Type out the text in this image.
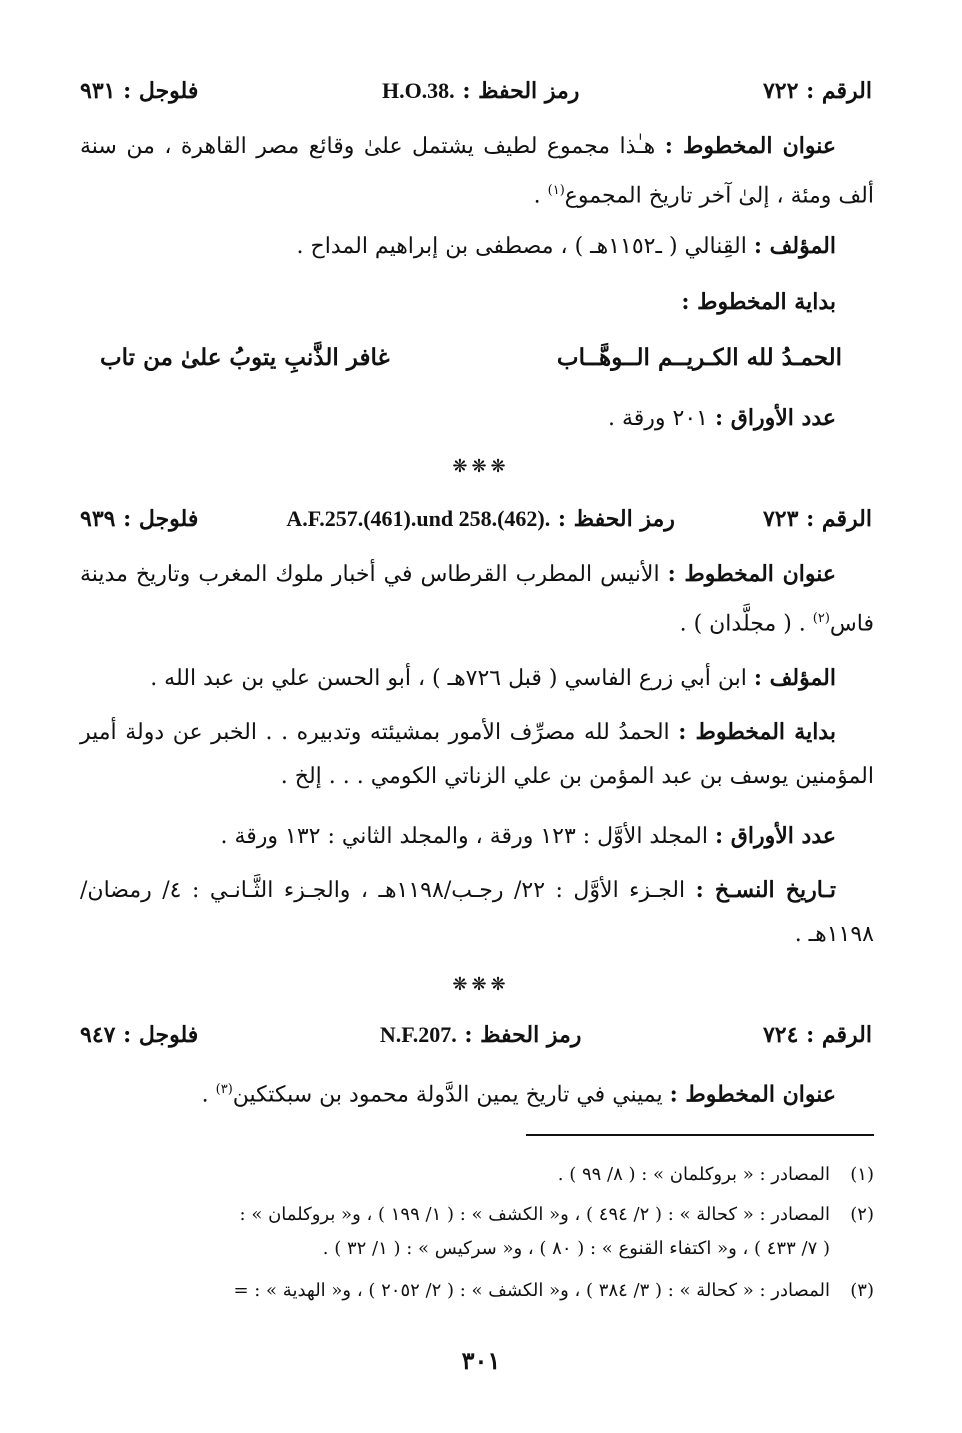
الرقم : ٧٢٢
رمز الحفظ : H.O.38.
فلوجل : ٩٣١
عنوان المخطوط : هـٰذا مجموع لطيف يشتمل علىٰ وقائع مصر القاهرة ، من سنة ألف ومئة ، إلىٰ آخر تاريخ المجموع$^{(١)}$ .
المؤلف : القِنالي ( ـ١١٥٢هـ ) ، مصطفى بن إبراهيم المداح .
بداية المخطوط :
الحمـدُ لله الكـريــم الــوهَّــاب
غافر الذَّنبِ يتوبُ علىٰ من تاب
عدد الأوراق : ٢٠١ ورقة .
❋❋❋
الرقم : ٧٢٣
رمز الحفظ : A.F.257.(461).und 258.(462).
فلوجل : ٩٣٩
عنوان المخطوط : الأنيس المطرب القرطاس في أخبار ملوك المغرب وتاريخ مدينة فاس$^{(٢)}$ . ( مجلَّدان ) .
المؤلف : ابن أبي زرع الفاسي ( قبل ٧٢٦هـ ) ، أبو الحسن علي بن عبد الله .
بداية المخطوط : الحمدُ لله مصرِّف الأمور بمشيئته وتدبيره . . الخبر عن دولة أمير المؤمنين يوسف بن عبد المؤمن بن علي الزناتي الكومي . . . إلخ .
عدد الأوراق : المجلد الأوَّل : ١٢٣ ورقة ، والمجلد الثاني : ١٣٢ ورقة .
تـاريخ النسـخ : الجـزء الأوَّل : ٢٢/ رجـب/١١٩٨هـ ، والجـزء الثَّـانـي : ٤/ رمضان/ ١١٩٨هـ .
❋❋❋
الرقم : ٧٢٤
رمز الحفظ : N.F.207.
فلوجل : ٩٤٧
عنوان المخطوط : يميني في تاريخ يمين الدَّولة محمود بن سبكتكين$^{(٣)}$ .
(١)المصادر : « بروكلمان » : ( ٨/ ٩٩ ) .
(٢)المصادر : « كحالة » : ( ٢/ ٤٩٤ ) ، و« الكشف » : ( ١/ ١٩٩ ) ، و« بروكلمان » :
( ٧/ ٤٣٣ ) ، و« اكتفاء القنوع » : ( ٨٠ ) ، و« سركيس » : ( ١/ ٣٢ ) .
(٣)المصادر : « كحالة » : ( ٣/ ٣٨٤ ) ، و« الكشف » : ( ٢/ ٢٠٥٢ ) ، و« الهدية » : =
٣٠١
